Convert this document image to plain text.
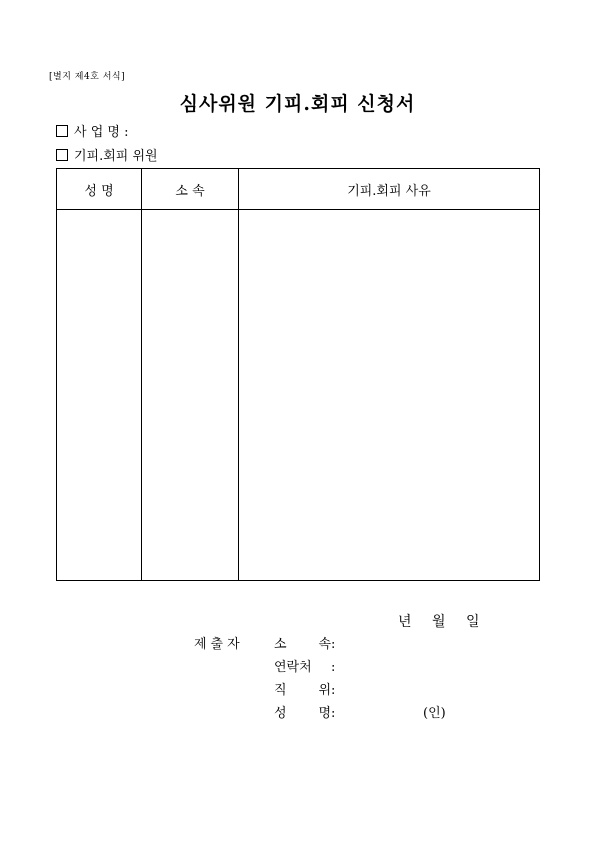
[별지 제4호 서식]
심사위원 기피.회피 신청서
사 업 명 :
기피.회피 위원
성 명	소 속	기피.회피 사유

년 월 일
제출자 소 속:
연락처 :
직 위:
성 명:	(인)
